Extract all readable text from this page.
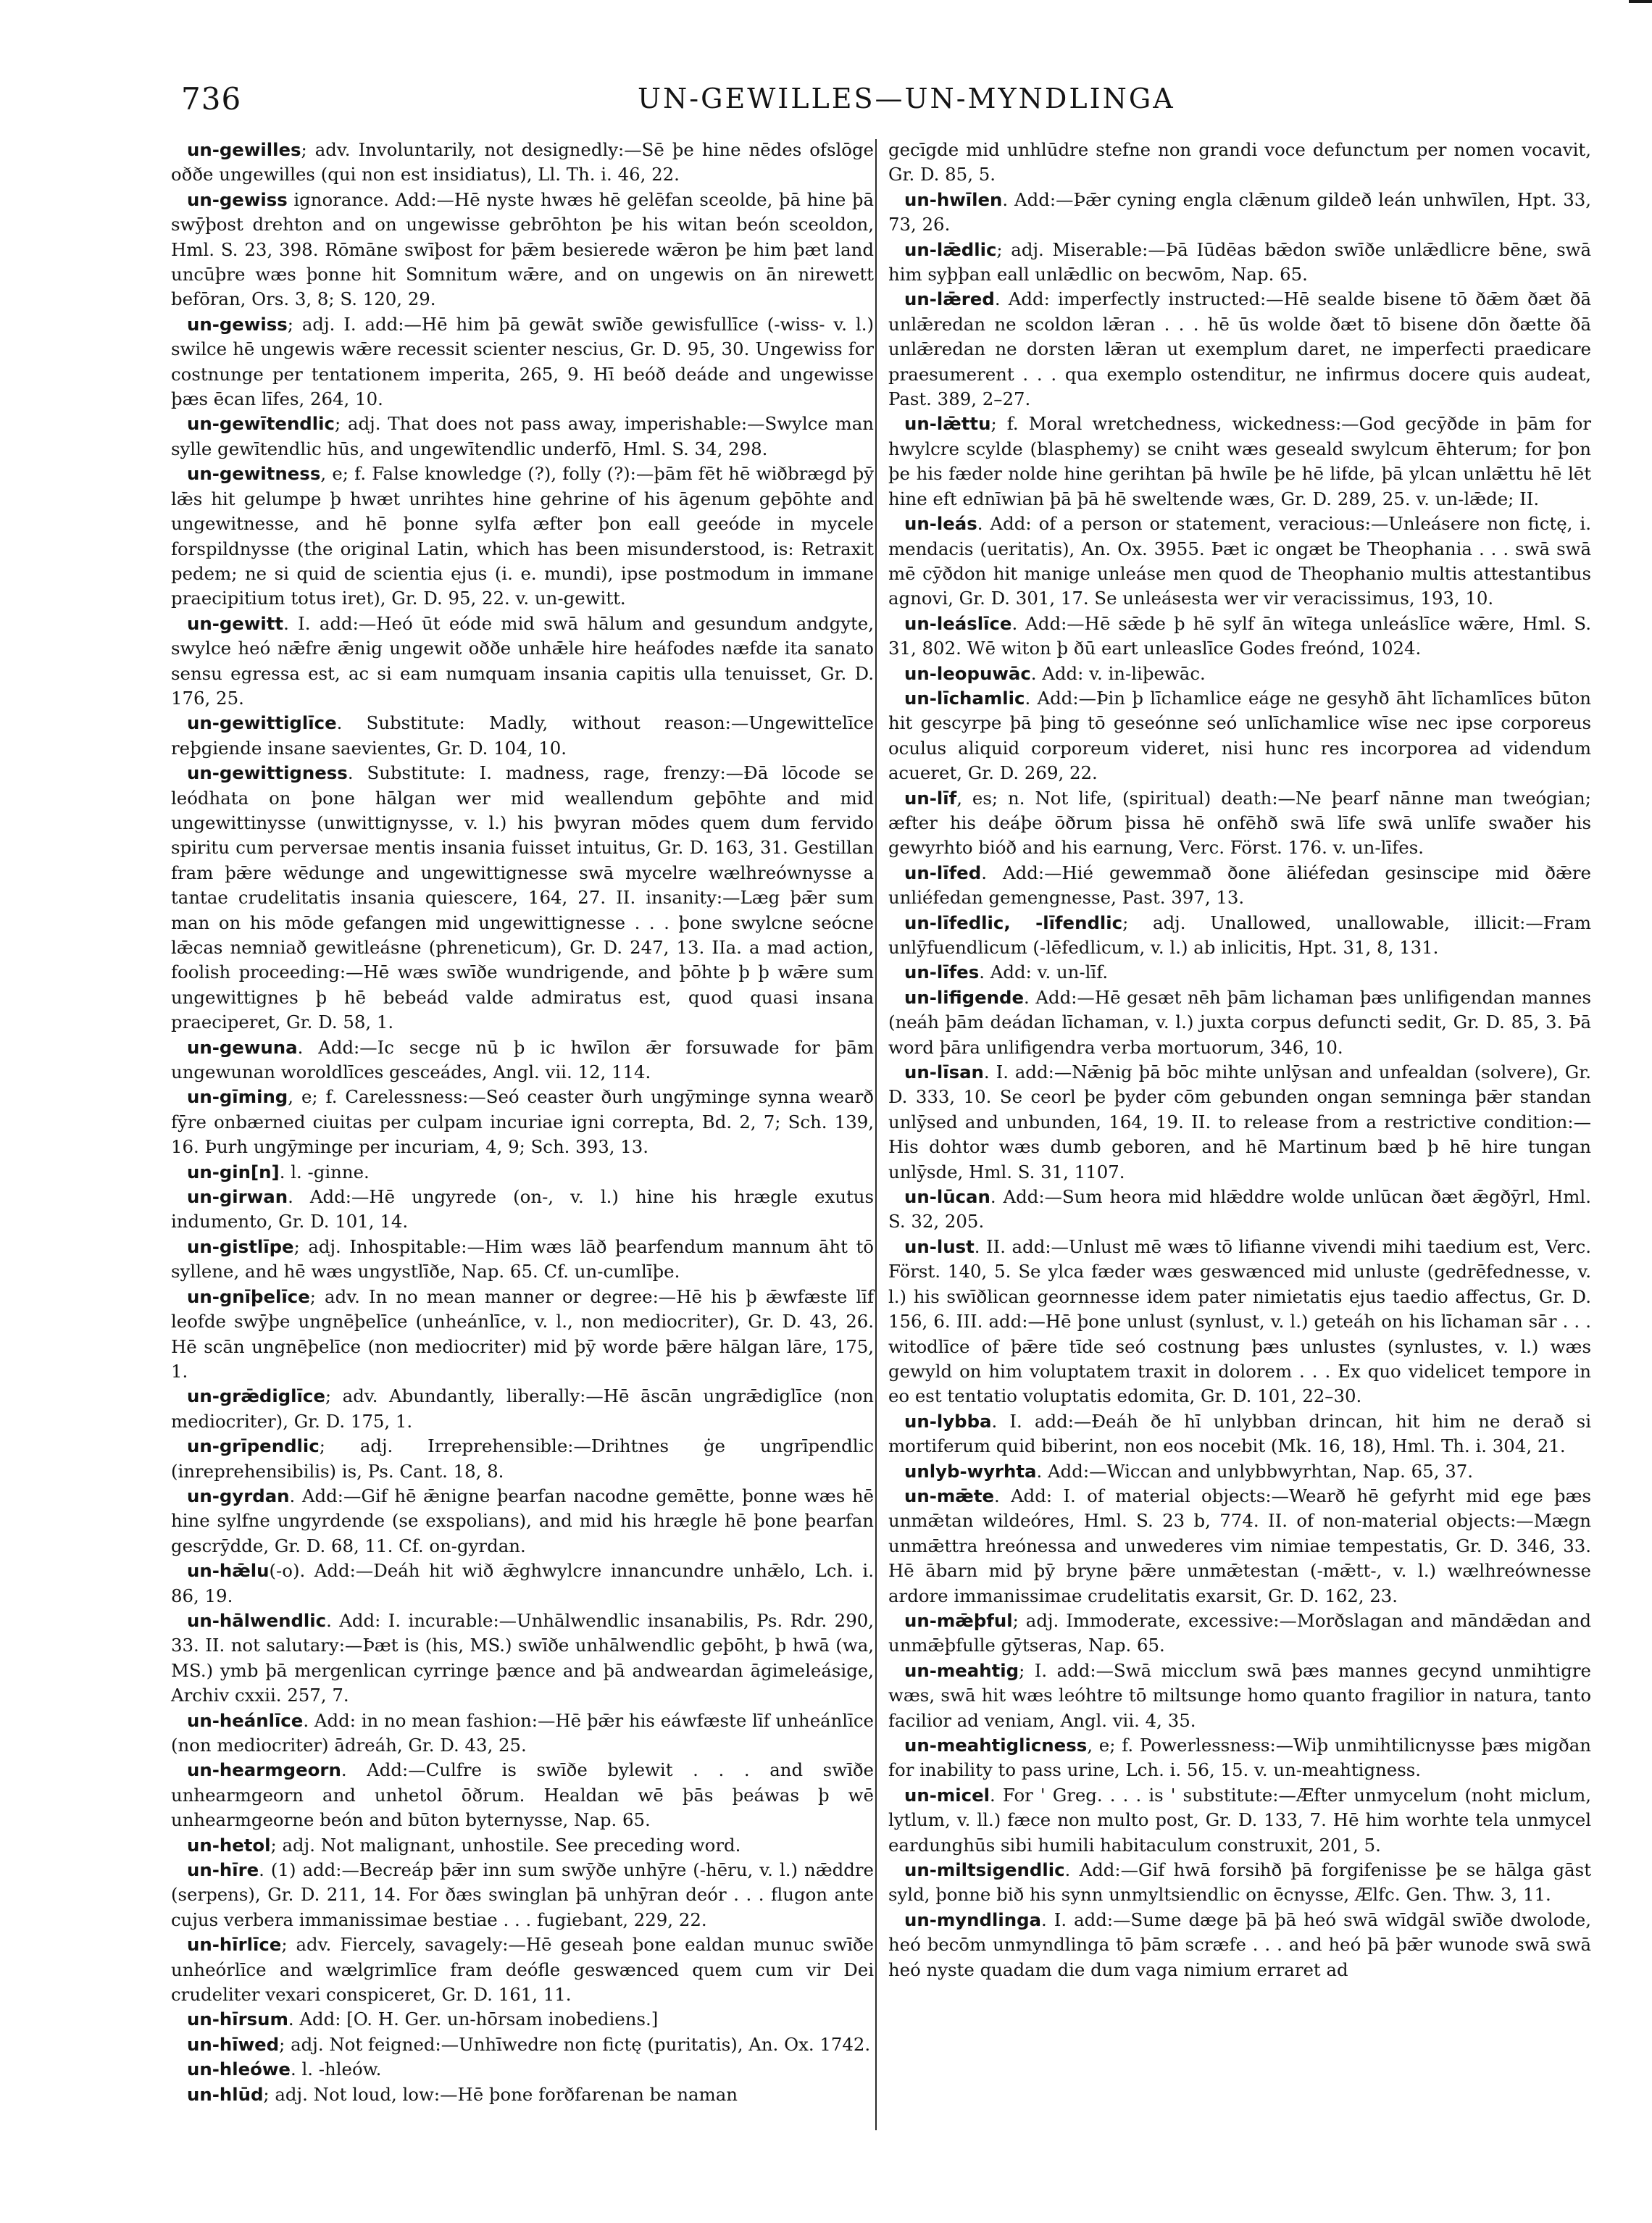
736	UN-GEWILLES—UN-MYNDLINGA

un-gewilles; adv. Involuntarily, not designedly:—Sē þe hine nēdes ofslōge oððe ungewilles (qui non est insidiatus), Ll. Th. i. 46, 22.

un-gewiss ignorance. Add:—Hē nyste hwæs hē gelēfan sceolde, þā hine þā swȳþost drehton and on ungewisse gebrōhton þe his witan beón sceoldon, Hml. S. 23, 398. Rōmāne swīþost for þǣm besierede wǣron þe him þæt land uncūþre wæs þonne hit Somnitum wǣre, and on ungewis on ān nirewett befōran, Ors. 3, 8; S. 120, 29.

un-gewiss; adj. I. add:—Hē him þā gewāt swīðe gewisfullīce (-wiss- v. l.) swilce hē ungewis wǣre recessit scienter nescius, Gr. D. 95, 30. Ungewiss for costnunge per tentationem imperita, 265, 9. Hī beóð deáde and ungewisse þæs ēcan līfes, 264, 10.

un-gewītendlic; adj. That does not pass away, imperishable:—Swylce man sylle gewītendlic hūs, and ungewītendlic underfō, Hml. S. 34, 298.

un-gewitness, e; f. False knowledge (?), folly (?):—þām fēt hē wiðbrægd þȳ lǣs hit gelumpe þ hwæt unrihtes hine gehrine of his āgenum geþōhte and ungewitnesse, and hē þonne sylfa æfter þon eall geeóde in mycele forspildnysse (the original Latin, which has been misunderstood, is: Retraxit pedem; ne si quid de scientia ejus (i. e. mundi), ipse postmodum in immane praecipitium totus iret), Gr. D. 95, 22. v. un-gewitt.

un-gewitt. I. add:—Heó ūt eóde mid swā hālum and gesundum andgyte, swylce heó nǣfre ǣnig ungewit oððe unhǣle hire heáfodes næfde ita sanato sensu egressa est, ac si eam numquam insania capitis ulla tenuisset, Gr. D. 176, 25.

un-gewittiglīce. Substitute: Madly, without reason:—Ungewittelīce reþgiende insane saevientes, Gr. D. 104, 10.

un-gewittigness. Substitute: I. madness, rage, frenzy:—Ðā lōcode se leódhata on þone hālgan wer mid weallendum geþōhte and mid ungewittinysse (unwittignysse, v. l.) his þwyran mōdes quem dum fervido spiritu cum perversae mentis insania fuisset intuitus, Gr. D. 163, 31. Gestillan fram þǣre wēdunge and ungewittignesse swā mycelre wælhreównysse a tantae crudelitatis insania quiescere, 164, 27. II. insanity:—Læg þǣr sum man on his mōde gefangen mid ungewittignesse . . . þone swylcne seócne lǣcas nemniað gewitleásne (phreneticum), Gr. D. 247, 13. IIa. a mad action, foolish proceeding:—Hē wæs swīðe wundrigende, and þōhte þ þ wǣre sum ungewittignes þ hē bebeád valde admiratus est, quod quasi insana praeciperet, Gr. D. 58, 1.

un-gewuna. Add:—Ic secge nū þ ic hwīlon ǣr forsuwade for þām ungewunan woroldlīces gesceádes, Angl. vii. 12, 114.

un-gīming, e; f. Carelessness:—Seó ceaster ðurh ungȳminge synna wearð fȳre onbærned ciuitas per culpam incuriae igni correpta, Bd. 2, 7; Sch. 139, 16. Þurh ungȳminge per incuriam, 4, 9; Sch. 393, 13.

un-gin[n]. l. -ginne.

un-girwan. Add:—Hē ungyrede (on-, v. l.) hine his hrægle exutus indumento, Gr. D. 101, 14.

un-gistlīpe; adj. Inhospitable:—Him wæs lāð þearfendum mannum āht tō syllene, and hē wæs ungystlīðe, Nap. 65. Cf. un-cumlīþe.

un-gnīþelīce; adv. In no mean manner or degree:—Hē his þ ǣwfæste līf leofde swȳþe ungnēþelīce (unheánlīce, v. l., non mediocriter), Gr. D. 43, 26. Hē scān ungnēþelīce (non mediocriter) mid þȳ worde þǣre hālgan lāre, 175, 1.

un-grǣdiglīce; adv. Abundantly, liberally:—Hē āscān ungrǣdiglīce (non mediocriter), Gr. D. 175, 1.

un-grīpendlic; adj. Irreprehensible:—Drihtnes ġe ungrīpendlic (inreprehensibilis) is, Ps. Cant. 18, 8.

un-gyrdan. Add:—Gif hē ǣnigne þearfan nacodne gemētte, þonne wæs hē hine sylfne ungyrdende (se exspolians), and mid his hrægle hē þone þearfan gescrȳdde, Gr. D. 68, 11. Cf. on-gyrdan.

un-hǣlu(-o). Add:—Deáh hit wið ǣghwylcre innancundre unhǣlo, Lch. i. 86, 19.

un-hālwendlic. Add: I. incurable:—Unhālwendlic insanabilis, Ps. Rdr. 290, 33. II. not salutary:—Þæt is (his, MS.) swīðe unhālwendlic geþōht, þ hwā (wa, MS.) ymb þā mergenlican cyrringe þænce and þā andweardan āgimeleásige, Archiv cxxii. 257, 7.

un-heánlīce. Add: in no mean fashion:—Hē þǣr his eáwfæste līf unheánlīce (non mediocriter) ādreáh, Gr. D. 43, 25.

un-hearmgeorn. Add:—Culfre is swīðe bylewit . . . and swīðe unhearmgeorn and unhetol ōðrum. Healdan wē þās þeáwas þ wē unhearmgeorne beón and būton byternysse, Nap. 65.

un-hetol; adj. Not malignant, unhostile. See preceding word.

un-hīre. (1) add:—Becreáp þǣr inn sum swȳðe unhȳre (-hēru, v. l.) nǣddre (serpens), Gr. D. 211, 14. For ðæs swinglan þā unhȳran deór . . . flugon ante cujus verbera immanissimae bestiae . . . fugiebant, 229, 22.

un-hīrlīce; adv. Fiercely, savagely:—Hē geseah þone ealdan munuc swīðe unheórlīce and wælgrimlīce fram deófle geswænced quem cum vir Dei crudeliter vexari conspiceret, Gr. D. 161, 11.

un-hīrsum. Add: [O. H. Ger. un-hōrsam inobediens.]

un-hīwed; adj. Not feigned:—Unhīwedre non fictę (puritatis), An. Ox. 1742.

un-hleówe. l. -hleów.

un-hlūd; adj. Not loud, low:—Hē þone forðfarenan be naman

gecīgde mid unhlūdre stefne non grandi voce defunctum per nomen vocavit, Gr. D. 85, 5.

un-hwīlen. Add:—Þǣr cyning engla clǣnum gildeð leán unhwīlen, Hpt. 33, 73, 26.

un-lǣdlic; adj. Miserable:—Þā Iūdēas bǣdon swīðe unlǣdlicre bēne, swā him syþþan eall unlǣdlic on becwōm, Nap. 65.

un-lǣred. Add: imperfectly instructed:—Hē sealde bisene tō ðǣm ðæt ðā unlǣredan ne scoldon lǣran . . . hē ūs wolde ðæt tō bisene dōn ðætte ðā unlǣredan ne dorsten lǣran ut exemplum daret, ne imperfecti praedicare praesumerent . . . qua exemplo ostenditur, ne infirmus docere quis audeat, Past. 389, 2–27.

un-lǣttu; f. Moral wretchedness, wickedness:—God gecȳðde in þām for hwylcre scylde (blasphemy) se cniht wæs geseald swylcum ēhterum; for þon þe his fæder nolde hine gerihtan þā hwīle þe hē lifde, þā ylcan unlǣttu hē lēt hine eft ednīwian þā þā hē sweltende wæs, Gr. D. 289, 25. v. un-lǣde; II.

un-leás. Add: of a person or statement, veracious:—Unleásere non fictę, i. mendacis (ueritatis), An. Ox. 3955. Þæt ic ongæt be Theophania . . . swā swā mē cȳðdon hit manige unleáse men quod de Theophanio multis attestantibus agnovi, Gr. D. 301, 17. Se unleásesta wer vir veracissimus, 193, 10.

un-leáslīce. Add:—Hē sǣde þ hē sylf ān wītega unleáslīce wǣre, Hml. S. 31, 802. Wē witon þ ðū eart unleaslīce Godes freónd, 1024.

un-leopuwāc. Add: v. in-liþewāc.

un-līchamlic. Add:—Þin þ līchamlice eáge ne gesyhð āht līchamlīces būton hit gescyrpe þā þing tō geseónne seó unlīchamlice wīse nec ipse corporeus oculus aliquid corporeum videret, nisi hunc res incorporea ad videndum acueret, Gr. D. 269, 22.

un-līf, es; n. Not life, (spiritual) death:—Ne þearf nānne man tweógian; æfter his deáþe ōðrum þissa hē onfēhð swā līfe swā unlīfe swaðer his gewyrhto bióð and his earnung, Verc. Först. 176. v. un-līfes.

un-līfed. Add:—Hié gewemmað ðone āliéfedan gesinscipe mid ðǣre unliéfedan gemengnesse, Past. 397, 13.

un-līfedlic, -līfendlic; adj. Unallowed, unallowable, illicit:—Fram unlȳfuendlicum (-lēfedlicum, v. l.) ab inlicitis, Hpt. 31, 8, 131.

un-līfes. Add: v. un-līf.

un-lifigende. Add:—Hē gesæt nēh þām lichaman þæs unlifigendan mannes (neáh þām deádan līchaman, v. l.) juxta corpus defuncti sedit, Gr. D. 85, 3. Þā word þāra unlifigendra verba mortuorum, 346, 10.

un-līsan. I. add:—Nǣnig þā bōc mihte unlȳsan and unfealdan (solvere), Gr. D. 333, 10. Se ceorl þe þyder cōm gebunden ongan semninga þǣr standan unlȳsed and unbunden, 164, 19. II. to release from a restrictive condition:—His dohtor wæs dumb geboren, and hē Martinum bæd þ hē hire tungan unlȳsde, Hml. S. 31, 1107.

un-lūcan. Add:—Sum heora mid hlǣddre wolde unlūcan ðæt ǣgðȳrl, Hml. S. 32, 205.

un-lust. II. add:—Unlust mē wæs tō lifianne vivendi mihi taedium est, Verc. Först. 140, 5. Se ylca fæder wæs geswænced mid unluste (gedrēfednesse, v. l.) his swīðlican geornnesse idem pater nimietatis ejus taedio affectus, Gr. D. 156, 6. III. add:—Hē þone unlust (synlust, v. l.) geteáh on his līchaman sār . . . witodlīce of þǣre tīde seó costnung þæs unlustes (synlustes, v. l.) wæs gewyld on him voluptatem traxit in dolorem . . . Ex quo videlicet tempore in eo est tentatio voluptatis edomita, Gr. D. 101, 22–30.

un-lybba. I. add:—Ðeáh ðe hī unlybban drincan, hit him ne derað si mortiferum quid biberint, non eos nocebit (Mk. 16, 18), Hml. Th. i. 304, 21.

unlyb-wyrhta. Add:—Wiccan and unlybbwyrhtan, Nap. 65, 37.

un-mǣte. Add: I. of material objects:—Wearð hē gefyrht mid ege þæs unmǣtan wildeóres, Hml. S. 23 b, 774. II. of non-material objects:—Mægn unmǣttra hreónessa and unwederes vim nimiae tempestatis, Gr. D. 346, 33. Hē ābarn mid þȳ bryne þǣre unmǣtestan (-mǣtt-, v. l.) wælhreównesse ardore immanissimae crudelitatis exarsit, Gr. D. 162, 23.

un-mǣþful; adj. Immoderate, excessive:—Morðslagan and māndǣdan and unmǣþfulle gȳtseras, Nap. 65.

un-meahtig; I. add:—Swā micclum swā þæs mannes gecynd unmihtigre wæs, swā hit wæs leóhtre tō miltsunge homo quanto fragilior in natura, tanto facilior ad veniam, Angl. vii. 4, 35.

un-meahtigliсness, e; f. Powerlessness:—Wiþ unmihtilicnysse þæs migðan for inability to pass urine, Lch. i. 56, 15. v. un-meahtigness.

un-micel. For ' Greg. . . . is ' substitute:—Æfter unmycelum (noht miclum, lytlum, v. ll.) fæce non multo post, Gr. D. 133, 7. Hē him worhte tela unmycel eardunghūs sibi humili habitaculum construxit, 201, 5.

un-miltsigendlic. Add:—Gif hwā forsihð þā forgifenisse þe se hālga gāst syld, þonne bið his synn unmyltsiendlic on ēcnysse, Ælfc. Gen. Thw. 3, 11.

un-myndlinga. I. add:—Sume dæge þā þā heó swā wīdgāl swīðe dwolode, heó becōm unmyndlinga tō þām scræfe . . . and heó þā þǣr wunode swā swā heó nyste quadam die dum vaga nimium erraret ad
